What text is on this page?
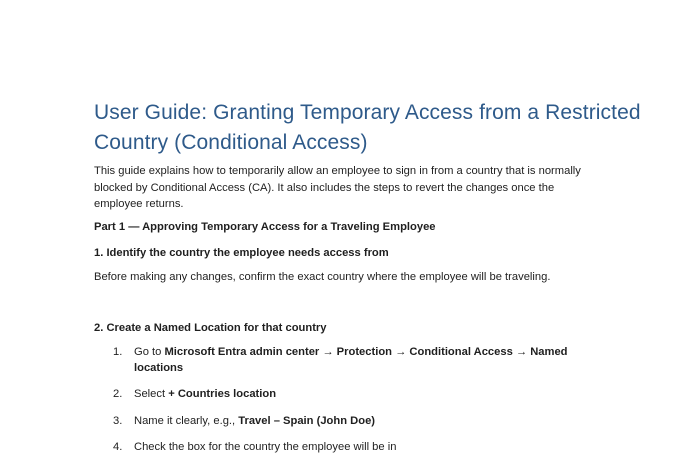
User Guide: Granting Temporary Access from a Restricted Country (Conditional Access)

This guide explains how to temporarily allow an employee to sign in from a country that is normally blocked by Conditional Access (CA). It also includes the steps to revert the changes once the employee returns.

Part 1 — Approving Temporary Access for a Traveling Employee

1. Identify the country the employee needs access from

Before making any changes, confirm the exact country where the employee will be traveling.

2. Create a Named Location for that country

1. Go to Microsoft Entra admin center → Protection → Conditional Access → Named locations
2. Select + Countries location
3. Name it clearly, e.g., Travel – Spain (John Doe)
4. Check the box for the country the employee will be in
